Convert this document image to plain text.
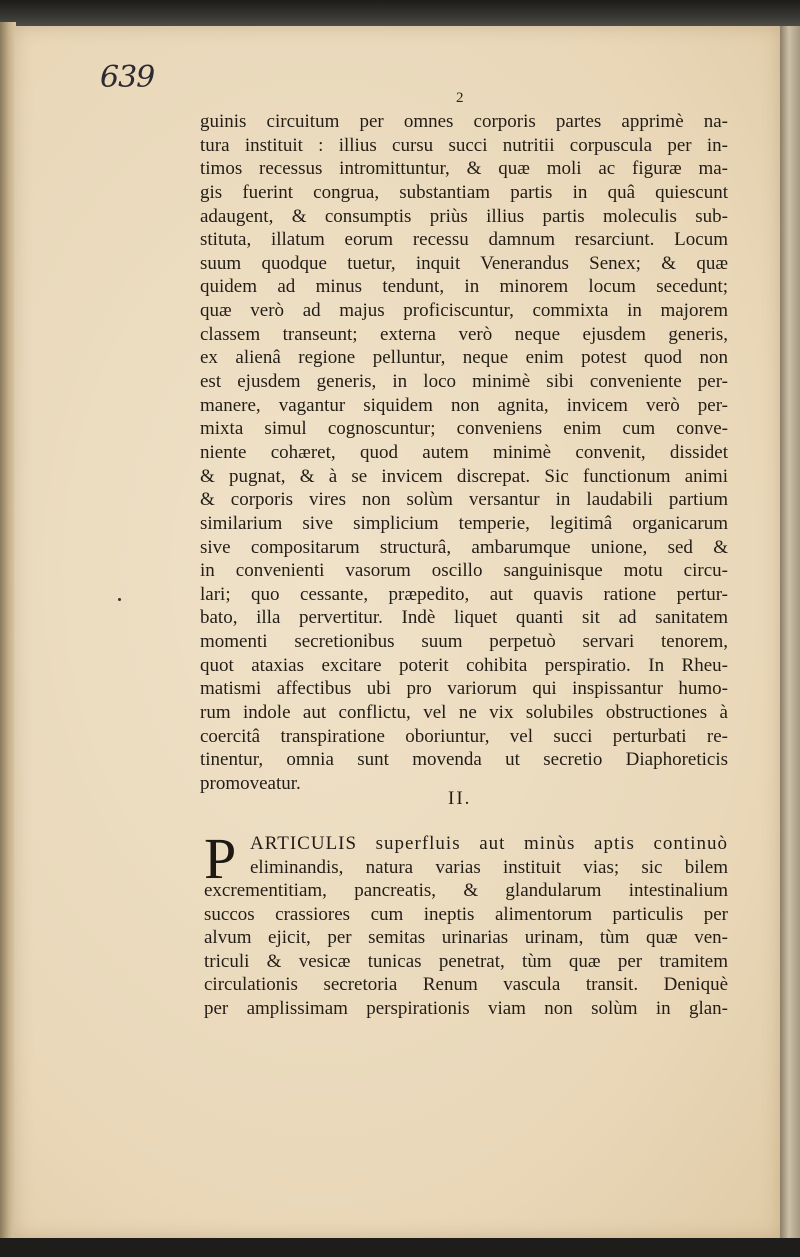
639
2
guinis circuitum per omnes corporis partes apprimè na-
tura instituit : illius cursu succi nutritii corpuscula per in-
timos recessus intromittuntur, & quæ moli ac figuræ ma-
gis fuerint congrua, substantiam partis in quâ quiescunt
adaugent, & consumptis priùs illius partis moleculis sub-
stituta, illatum eorum recessu damnum resarciunt. Locum
suum quodque tuetur, inquit Venerandus Senex; & quæ
quidem ad minus tendunt, in minorem locum secedunt;
quæ verò ad majus proficiscuntur, commixta in majorem
classem transeunt; externa verò neque ejusdem generis,
ex alienâ regione pelluntur, neque enim potest quod non
est ejusdem generis, in loco minimè sibi conveniente per-
manere, vagantur siquidem non agnita, invicem verò per-
mixta simul cognoscuntur; conveniens enim cum conve-
niente cohæret, quod autem minimè convenit, dissidet
& pugnat, & à se invicem discrepat. Sic functionum animi
& corporis vires non solùm versantur in laudabili partium
similarium sive simplicium temperie, legitimâ organicarum
sive compositarum structurâ, ambarumque unione, sed &
in convenienti vasorum oscillo sanguinisque motu circu-
lari; quo cessante, præpedito, aut quavis ratione pertur-
bato, illa pervertitur. Indè liquet quanti sit ad sanitatem
momenti secretionibus suum perpetuò servari tenorem,
quot ataxias excitare poterit cohibita perspiratio. In Rheu-
matismi affectibus ubi pro variorum qui inspissantur humo-
rum indole aut conflictu, vel ne vix solubiles obstructiones à
coercitâ transpiratione oboriuntur, vel succi perturbati re-
tinentur, omnia sunt movenda ut secretio Diaphoreticis
promoveatur.
II.
P ARTICULIS superfluis aut minùs aptis continuò
eliminandis, natura varias instituit vias; sic bilem
excrementitiam, pancreatis, & glandularum intestinalium
succos crassiores cum ineptis alimentorum particulis per
alvum ejicit, per semitas urinarias urinam, tùm quæ ven-
triculi & vesicæ tunicas penetrat, tùm quæ per tramitem
circulationis secretoria Renum vascula transit. Deniquè
per amplissimam perspirationis viam non solùm in glan-
